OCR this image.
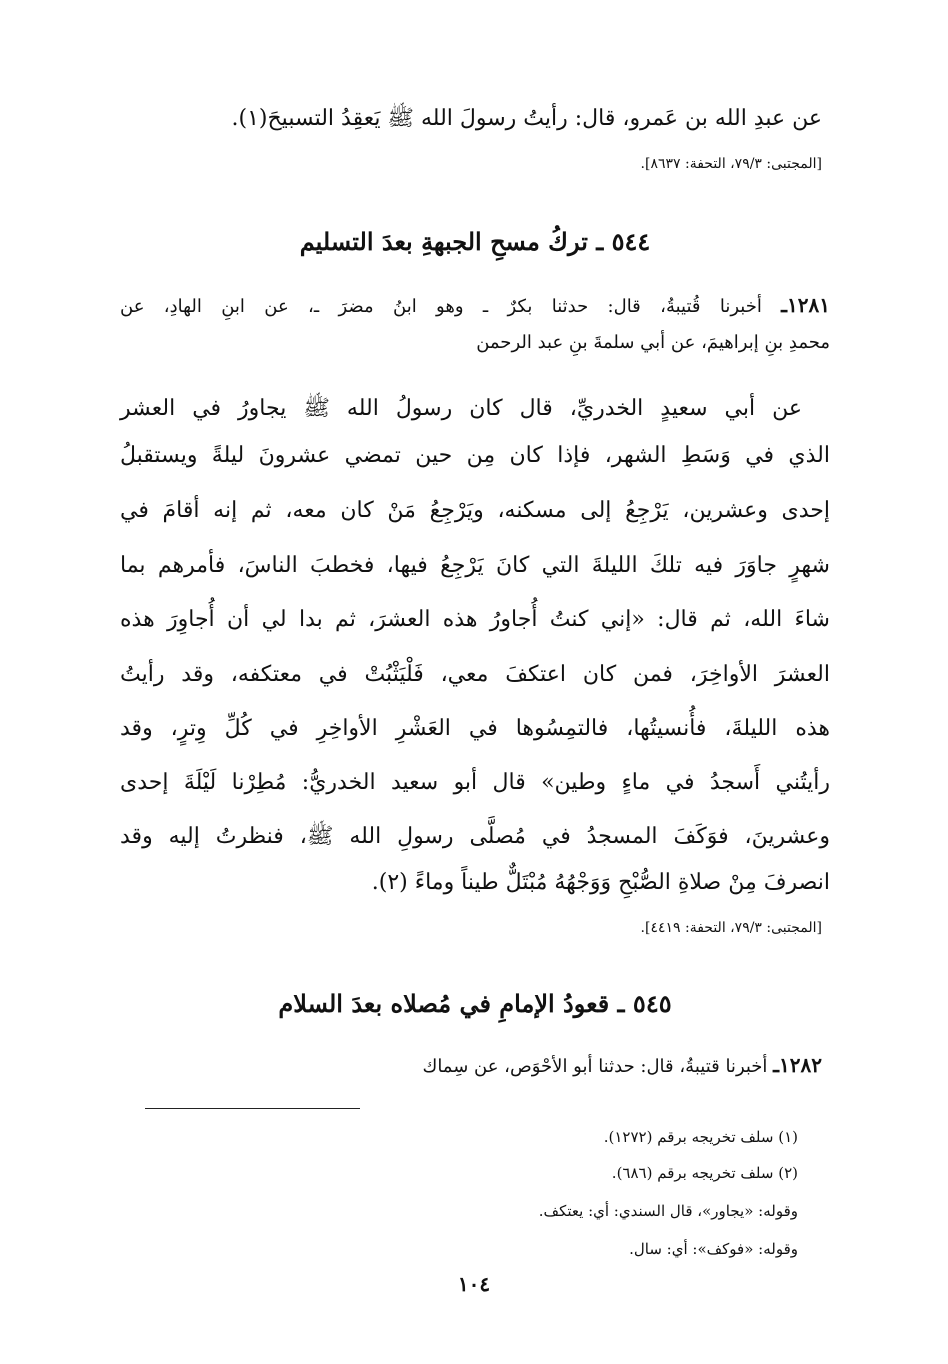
عن عبدِ الله بن عَمرو، قال: رأيتُ رسولَ الله ﷺ يَعقِدُ التسبيحَ(١).
[المجتبى: ٧٩/٣، التحفة: ٨٦٣٧].
٥٤٤ ـ تركُ مسحِ الجبهةِ بعدَ التسليم
١٢٨١ـ أخبرنا قُتيبةُ، قال: حدثنا بكرٌ ـ وهو ابنُ مضرَ ـ، عن ابنِ الهادِ، عن
محمدِ بنِ إبراهيمَ، عن أبي سلمةَ بنِ عبد الرحمن
عن أبي سعيدٍ الخدريِّ، قال كان رسولُ الله ﷺ يجاورُ في العشر
الذي في وَسَطِ الشهر، فإذا كان مِن حين تمضي عشرونَ ليلةً ويستقبلُ
إحدى وعشرين، يَرْجِعُ إلى مسكنه، ويَرْجِعُ مَنْ كان معه، ثم إنه أقامَ في
شهرٍ جاوَرَ فيه تلكَ الليلةَ التي كانَ يَرْجِعُ فيها، فخطبَ الناسَ، فأمرهم بما
شاءَ الله، ثم قال: «إني كنتُ أُجاورُ هذه العشرَ، ثم بدا لي أن أُجاوِرَ هذه
العشرَ الأواخِرَ، فمن كان اعتكفَ معي، فَلْيَثْبُتْ في معتكفه، وقد رأيتُ
هذه الليلةَ، فأُنسيتُها، فالتمِسُوها في العَشْرِ الأواخِرِ في كُلِّ وِترٍ، وقد
رأيتُني أَسجدُ في ماءٍ وطين» قال أبو سعيد الخدريُّ: مُطِرْنا لَيْلَةَ إحدى
وعشرينَ، فوَكَفَ المسجدُ في مُصلَّى رسولِ الله ﷺ، فنظرتُ إليه وقد
انصرفَ مِنْ صلاةِ الصُّبْحِ وَوَجْهُهُ مُبْتَلٌّ طيناً وماءً (٢).
[المجتبى: ٧٩/٣، التحفة: ٤٤١٩].
٥٤٥ ـ قعودُ الإمامِ في مُصلاه بعدَ السلام
١٢٨٢ـ أخبرنا قتيبةُ، قال: حدثنا أبو الأحْوَص، عن سِماك
(١) سلف تخريجه برقم (١٢٧٢).
(٢) سلف تخريجه برقم (٦٨٦).
وقوله: «يجاور»، قال السندي: أي: يعتكف.
وقوله: «فوكف»: أي: سال.
١٠٤
